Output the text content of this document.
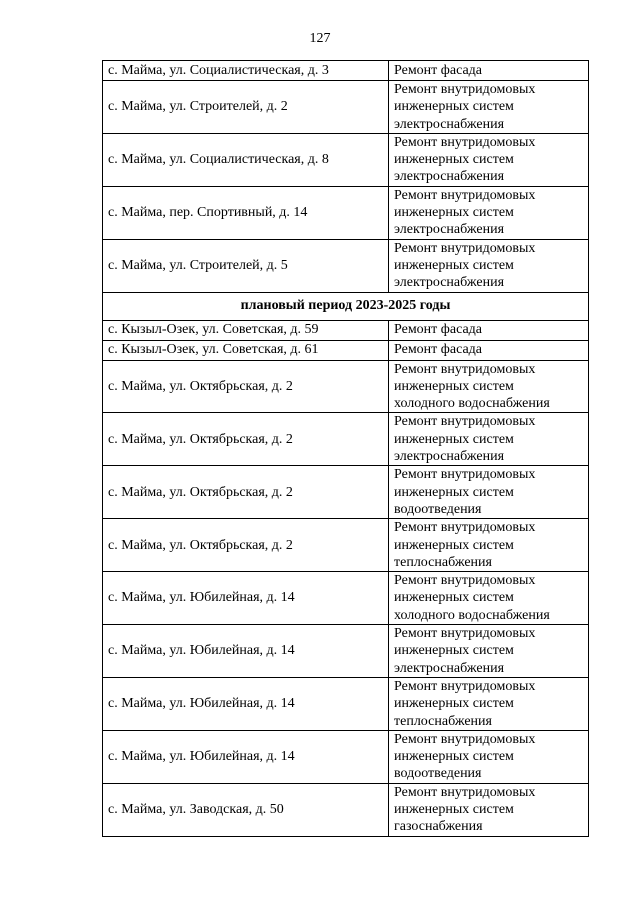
127
с. Майма, ул. Социалистическая, д. 3	Ремонт фасада
с. Майма, ул. Строителей, д. 2	Ремонт внутридомовых
инженерных систем
электроснабжения
с. Майма, ул. Социалистическая, д. 8	Ремонт внутридомовых
инженерных систем
электроснабжения
с. Майма, пер. Спортивный, д. 14	Ремонт внутридомовых
инженерных систем
электроснабжения
с. Майма, ул. Строителей, д. 5	Ремонт внутридомовых
инженерных систем
электроснабжения
плановый период 2023-2025 годы	
с. Кызыл-Озек, ул. Советская, д. 59	Ремонт фасада
с. Кызыл-Озек, ул. Советская, д. 61	Ремонт фасада
с. Майма, ул. Октябрьская, д. 2	Ремонт внутридомовых
инженерных систем
холодного водоснабжения
с. Майма, ул. Октябрьская, д. 2	Ремонт внутридомовых
инженерных систем
электроснабжения
с. Майма, ул. Октябрьская, д. 2	Ремонт внутридомовых
инженерных систем
водоотведения
с. Майма, ул. Октябрьская, д. 2	Ремонт внутридомовых
инженерных систем
теплоснабжения
с. Майма, ул. Юбилейная, д. 14	Ремонт внутридомовых
инженерных систем
холодного водоснабжения
с. Майма, ул. Юбилейная, д. 14	Ремонт внутридомовых
инженерных систем
электроснабжения
с. Майма, ул. Юбилейная, д. 14	Ремонт внутридомовых
инженерных систем
теплоснабжения
с. Майма, ул. Юбилейная, д. 14	Ремонт внутридомовых
инженерных систем
водоотведения
с. Майма, ул. Заводская, д. 50	Ремонт внутридомовых
инженерных систем
газоснабжения
